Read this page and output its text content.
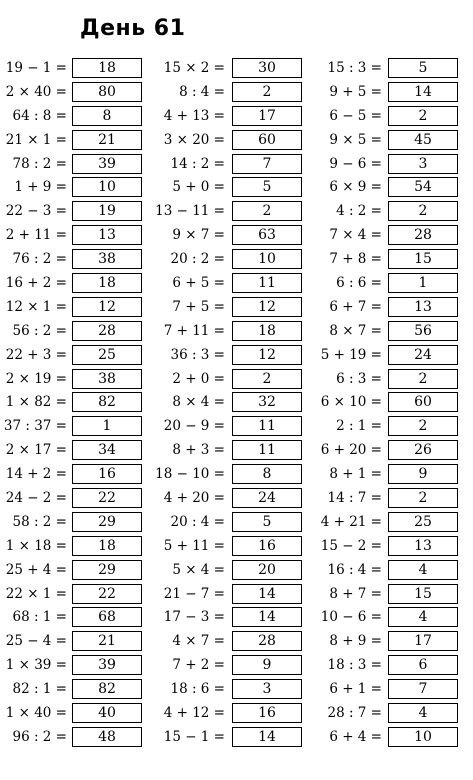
День 61
19 − 1 =	18
2 × 40 =	80
64 : 8 =	8
21 × 1 =	21
78 : 2 =	39
1 + 9 =	10
22 − 3 =	19
2 + 11 =	13
76 : 2 =	38
16 + 2 =	18
12 × 1 =	12
56 : 2 =	28
22 + 3 =	25
2 × 19 =	38
1 × 82 =	82
37 : 37 =	1
2 × 17 =	34
14 + 2 =	16
24 − 2 =	22
58 : 2 =	29
1 × 18 =	18
25 + 4 =	29
22 × 1 =	22
68 : 1 =	68
25 − 4 =	21
1 × 39 =	39
82 : 1 =	82
1 × 40 =	40
96 : 2 =	48
15 × 2 =	30
8 : 4 =	2
4 + 13 =	17
3 × 20 =	60
14 : 2 =	7
5 + 0 =	5
13 − 11 =	2
9 × 7 =	63
20 : 2 =	10
6 + 5 =	11
7 + 5 =	12
7 + 11 =	18
36 : 3 =	12
2 + 0 =	2
8 × 4 =	32
20 − 9 =	11
8 + 3 =	11
18 − 10 =	8
4 + 20 =	24
20 : 4 =	5
5 + 11 =	16
5 × 4 =	20
21 − 7 =	14
17 − 3 =	14
4 × 7 =	28
7 + 2 =	9
18 : 6 =	3
4 + 12 =	16
15 − 1 =	14
15 : 3 =	5
9 + 5 =	14
6 − 5 =	2
9 × 5 =	45
9 − 6 =	3
6 × 9 =	54
4 : 2 =	2
7 × 4 =	28
7 + 8 =	15
6 : 6 =	1
6 + 7 =	13
8 × 7 =	56
5 + 19 =	24
6 : 3 =	2
6 × 10 =	60
2 : 1 =	2
6 + 20 =	26
8 + 1 =	9
14 : 7 =	2
4 + 21 =	25
15 − 2 =	13
16 : 4 =	4
8 + 7 =	15
10 − 6 =	4
8 + 9 =	17
18 : 3 =	6
6 + 1 =	7
28 : 7 =	4
6 + 4 =	10
